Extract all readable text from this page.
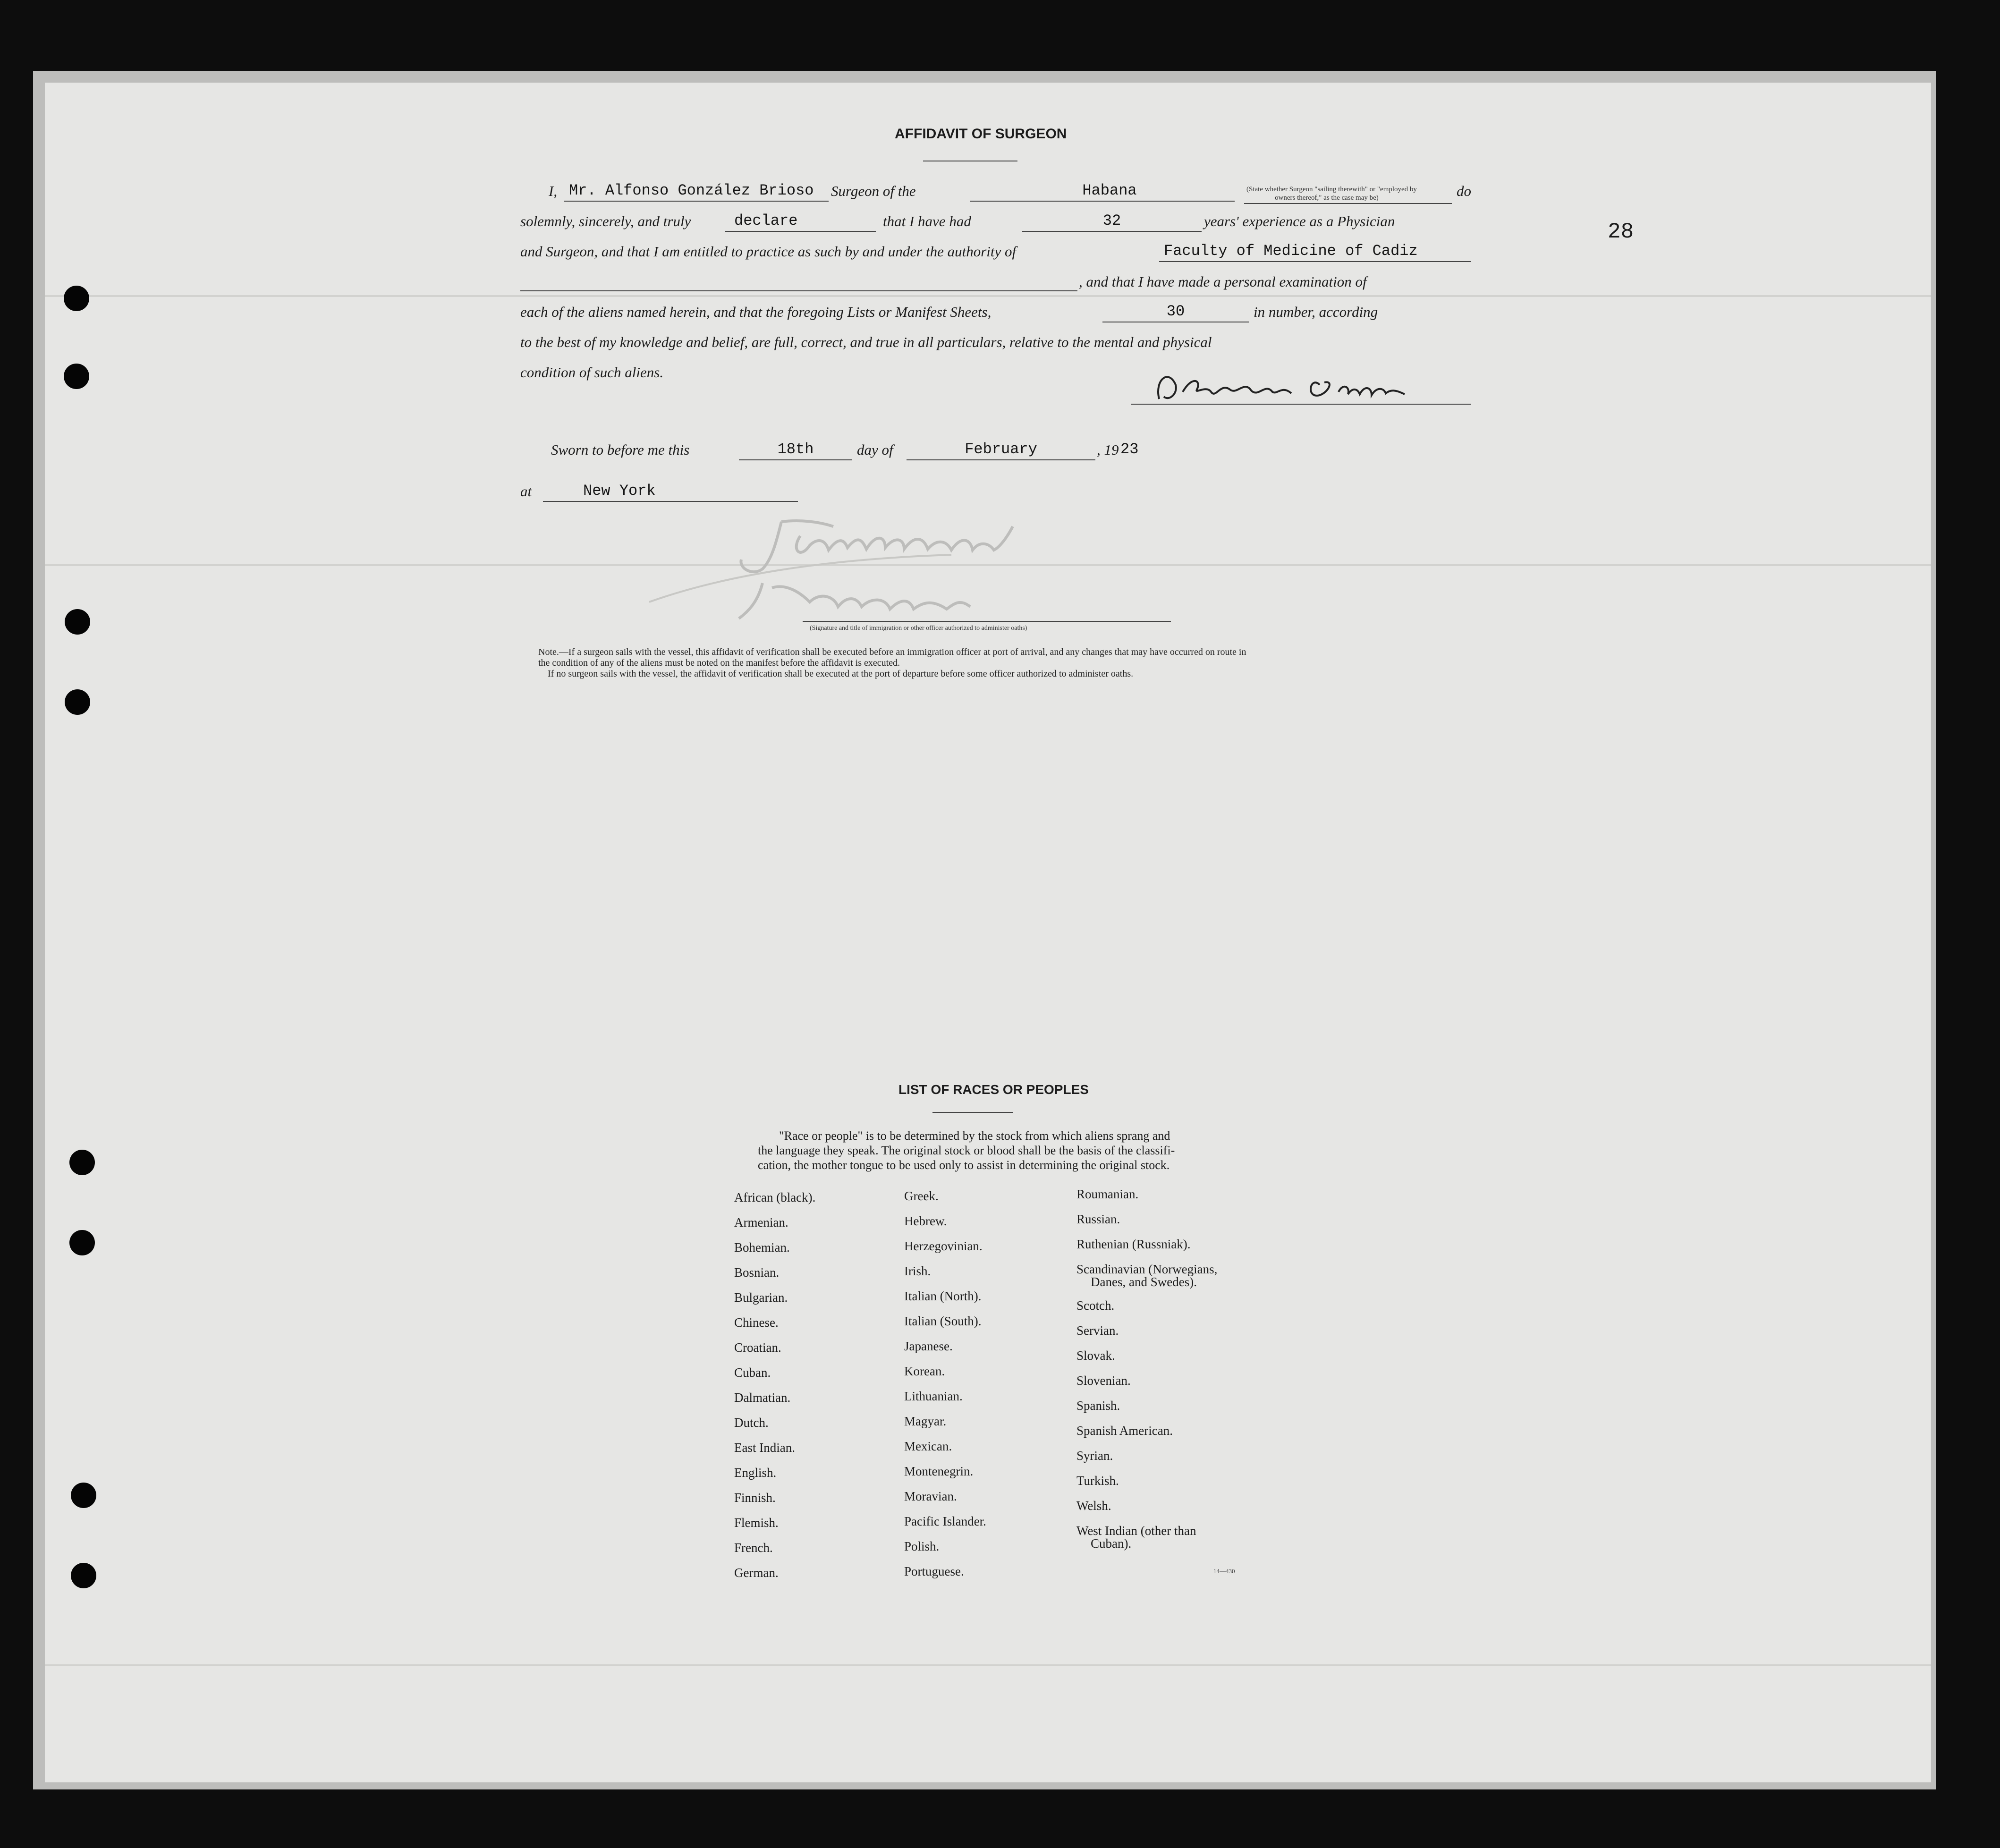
28
AFFIDAVIT OF SURGEON
I, Mr. Alfonso González Brioso	Surgeon of the	Habana	(State whether Surgeon "sailing therewith" or "employed by
owners thereof," as the case may be)	do
solemnly, sincerely, and truly	declare	that I have had	32	years' experience as a Physician
and Surgeon, and that I am entitled to practice as such by and under the authority of	Faculty of Medicine of Cadiz
, and that I have made a personal examination of
each of the aliens named herein, and that the foregoing Lists or Manifest Sheets,	30	in number, according
to the best of my knowledge and belief, are full, correct, and true in all particulars, relative to the mental and physical
condition of such aliens.
Sworn to before me this	18th	day of	February	, 19 23
at	New York
(Signature and title of immigration or other officer authorized to administer oaths)
Note.—If a surgeon sails with the vessel, this affidavit of verification shall be executed before an immigration officer at port of arrival, and any changes that may have occurred on route in
the condition of any of the aliens must be noted on the manifest before the affidavit is executed.
If no surgeon sails with the vessel, the affidavit of verification shall be executed at the port of departure before some officer authorized to administer oaths.
LIST OF RACES OR PEOPLES
"Race or people" is to be determined by the stock from which aliens sprang and
the language they speak. The original stock or blood shall be the basis of the classifi-
cation, the mother tongue to be used only to assist in determining the original stock.
African (black).
Armenian.
Bohemian.
Bosnian.
Bulgarian.
Chinese.
Croatian.
Cuban.
Dalmatian.
Dutch.
East Indian.
English.
Finnish.
Flemish.
French.
German.
Greek.
Hebrew.
Herzegovinian.
Irish.
Italian (North).
Italian (South).
Japanese.
Korean.
Lithuanian.
Magyar.
Mexican.
Montenegrin.
Moravian.
Pacific Islander.
Polish.
Portuguese.
Roumanian.
Russian.
Ruthenian (Russniak).
Scandinavian (Norwegians,
Danes, and Swedes).
Scotch.
Servian.
Slovak.
Slovenian.
Spanish.
Spanish American.
Syrian.
Turkish.
Welsh.
West Indian (other than
Cuban).
14—430
